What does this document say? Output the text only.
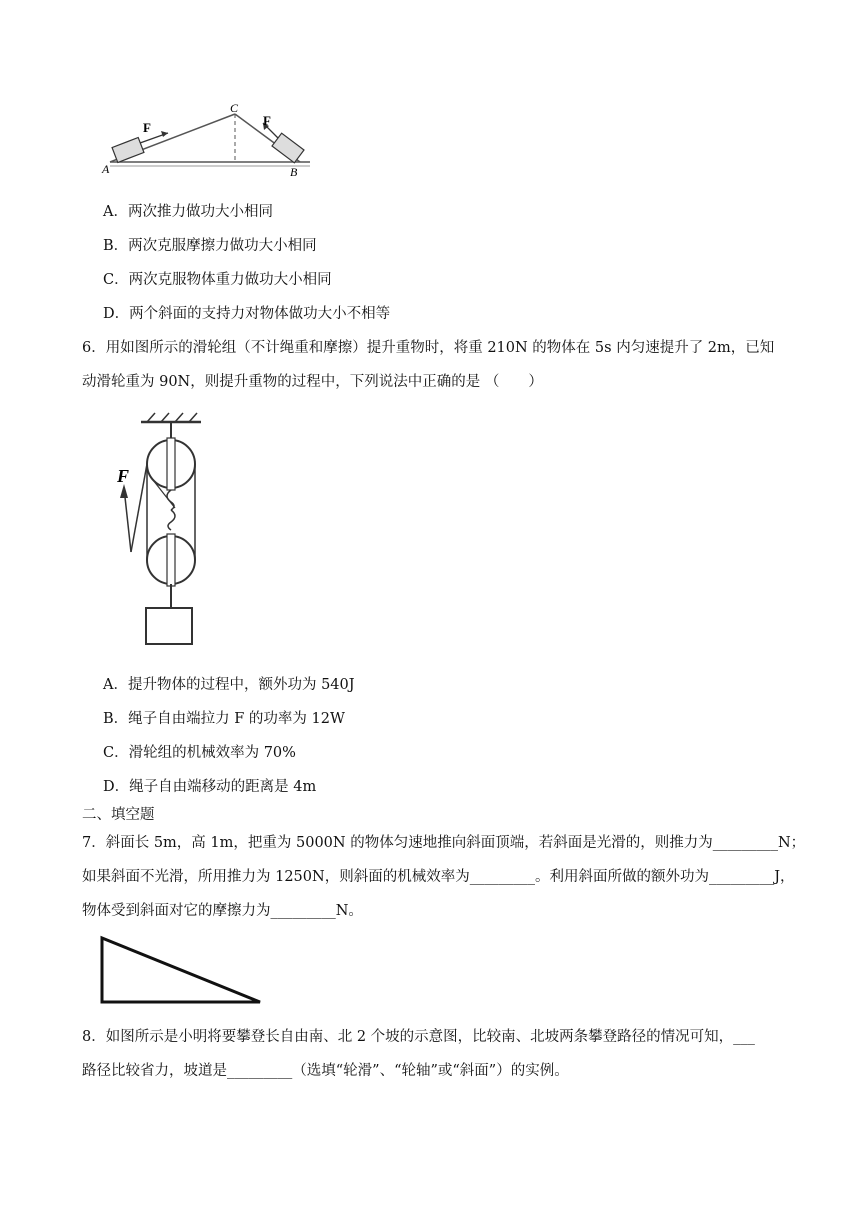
F	F
A	B
C
A．两次推力做功大小相同
B．两次克服摩擦力做功大小相同
C．两次克服物体重力做功大小相同
D．两个斜面的支持力对物体做功大小不相等
6．用如图所示的滑轮组（不计绳重和摩擦）提升重物时，将重 210N 的物体在 5s 内匀速提升了 2m，已知
动滑轮重为 90N，则提升重物的过程中，下列说法中正确的是 （　　）
F
A．提升物体的过程中，额外功为 540J
B．绳子自由端拉力 F 的功率为 12W
C．滑轮组的机械效率为 70%
D．绳子自由端移动的距离是 4m
二、填空题
7．斜面长 5m，高 1m，把重为 5000N 的物体匀速地推向斜面顶端，若斜面是光滑的，则推力为_________N；
如果斜面不光滑，所用推力为 1250N，则斜面的机械效率为_________。利用斜面所做的额外功为_________J，
物体受到斜面对它的摩擦力为_________N。
8．如图所示是小明将要攀登长自由南、北 2 个坡的示意图，比较南、北坡两条攀登路径的情况可知，___
路径比较省力，坡道是_________（选填“轮滑”、“轮轴”或“斜面”）的实例。
